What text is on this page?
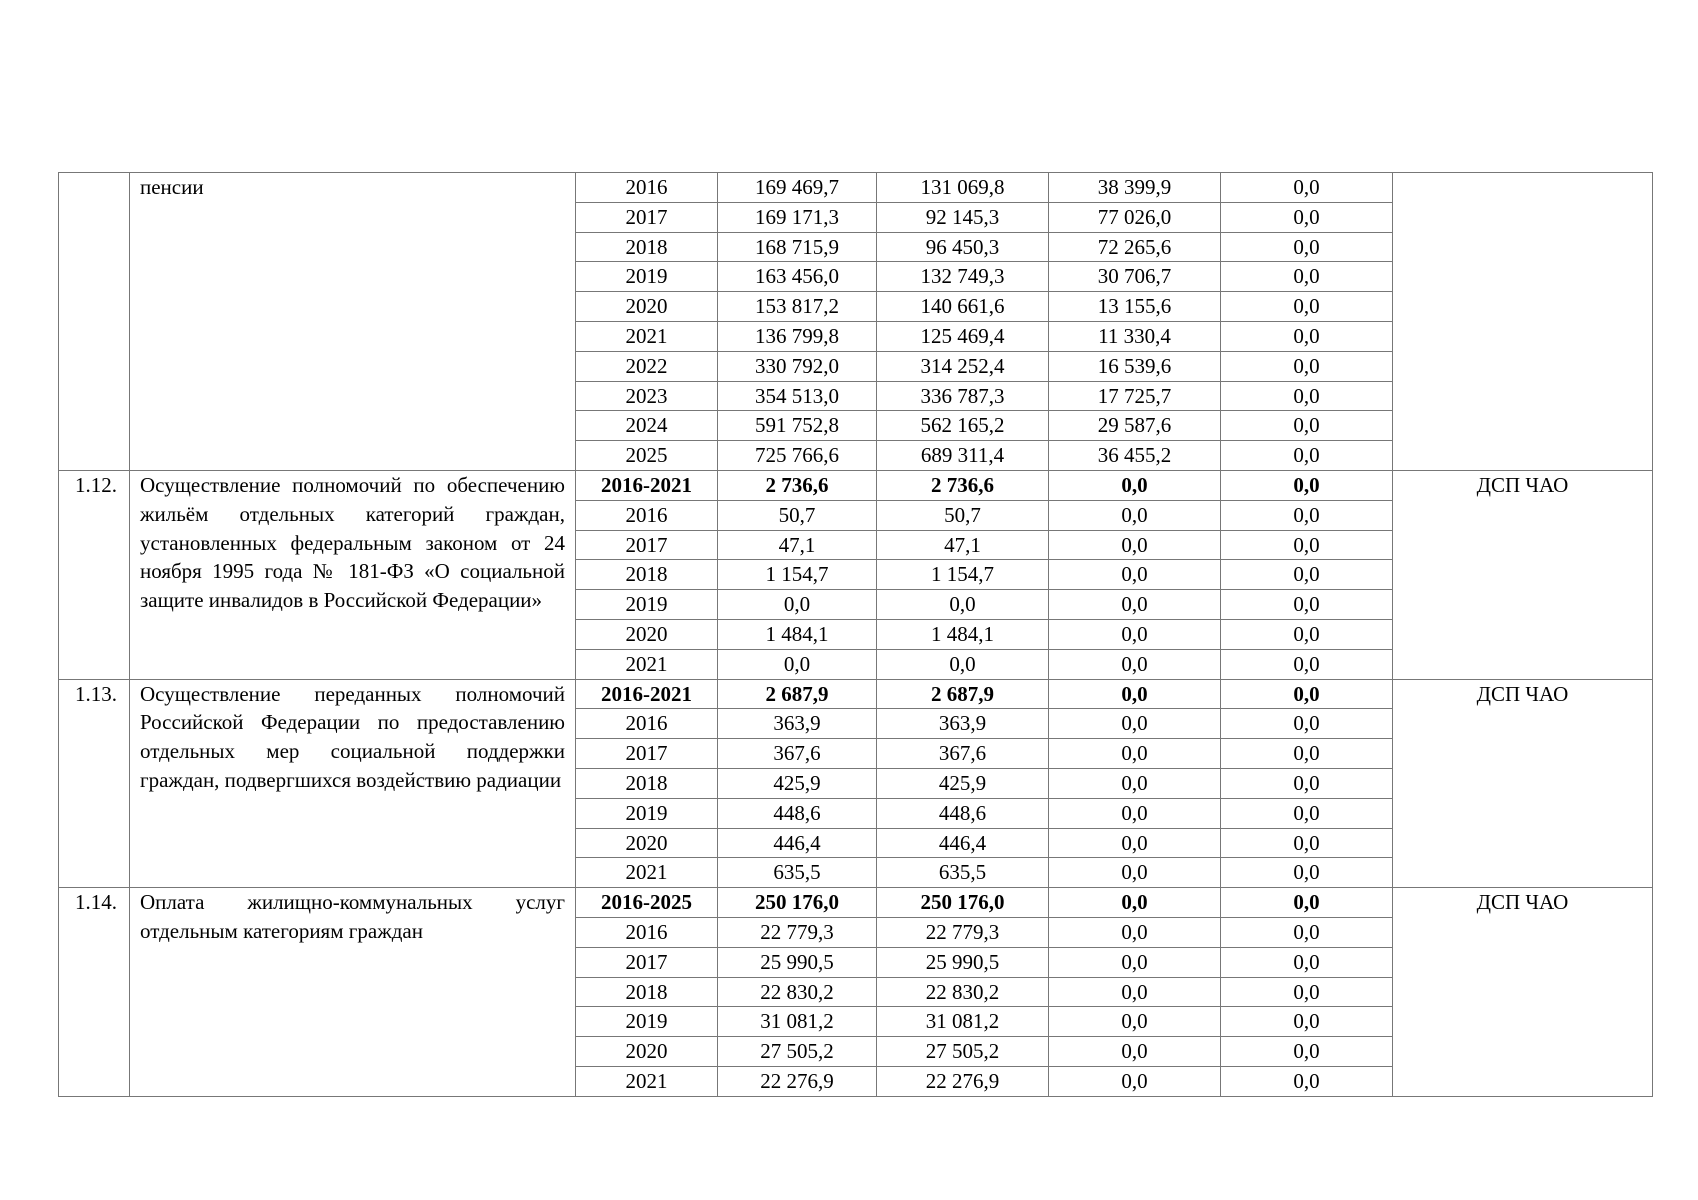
	пенсии	2016	169 469,7	131 069,8	38 399,9	0,0	
		2017	169 171,3	92 145,3	77 026,0	0,0	
		2018	168 715,9	96 450,3	72 265,6	0,0	
		2019	163 456,0	132 749,3	30 706,7	0,0	
		2020	153 817,2	140 661,6	13 155,6	0,0	
		2021	136 799,8	125 469,4	11 330,4	0,0	
		2022	330 792,0	314 252,4	16 539,6	0,0	
		2023	354 513,0	336 787,3	17 725,7	0,0	
		2024	591 752,8	562 165,2	29 587,6	0,0	
		2025	725 766,6	689 311,4	36 455,2	0,0	
1.12.	Осуществление полномочий по обеспечению жильём отдельных категорий граждан, установленных федеральным законом от 24 ноября 1995 года № 181-ФЗ «О социальной защите инвалидов в Российской Федерации»	2016-2021	2 736,6	2 736,6	0,0	0,0	ДСП ЧАО
		2016	50,7	50,7	0,0	0,0	
		2017	47,1	47,1	0,0	0,0	
		2018	1 154,7	1 154,7	0,0	0,0	
		2019	0,0	0,0	0,0	0,0	
		2020	1 484,1	1 484,1	0,0	0,0	
		2021	0,0	0,0	0,0	0,0	
1.13.	Осуществление переданных полномочий Российской Федерации по предоставлению отдельных мер социальной поддержки граждан, подвергшихся воздействию радиации	2016-2021	2 687,9	2 687,9	0,0	0,0	ДСП ЧАО
		2016	363,9	363,9	0,0	0,0	
		2017	367,6	367,6	0,0	0,0	
		2018	425,9	425,9	0,0	0,0	
		2019	448,6	448,6	0,0	0,0	
		2020	446,4	446,4	0,0	0,0	
		2021	635,5	635,5	0,0	0,0	
1.14.	Оплата жилищно-коммунальных услуг отдельным категориям граждан	2016-2025	250 176,0	250 176,0	0,0	0,0	ДСП ЧАО
		2016	22 779,3	22 779,3	0,0	0,0	
		2017	25 990,5	25 990,5	0,0	0,0	
		2018	22 830,2	22 830,2	0,0	0,0	
		2019	31 081,2	31 081,2	0,0	0,0	
		2020	27 505,2	27 505,2	0,0	0,0	
		2021	22 276,9	22 276,9	0,0	0,0	
